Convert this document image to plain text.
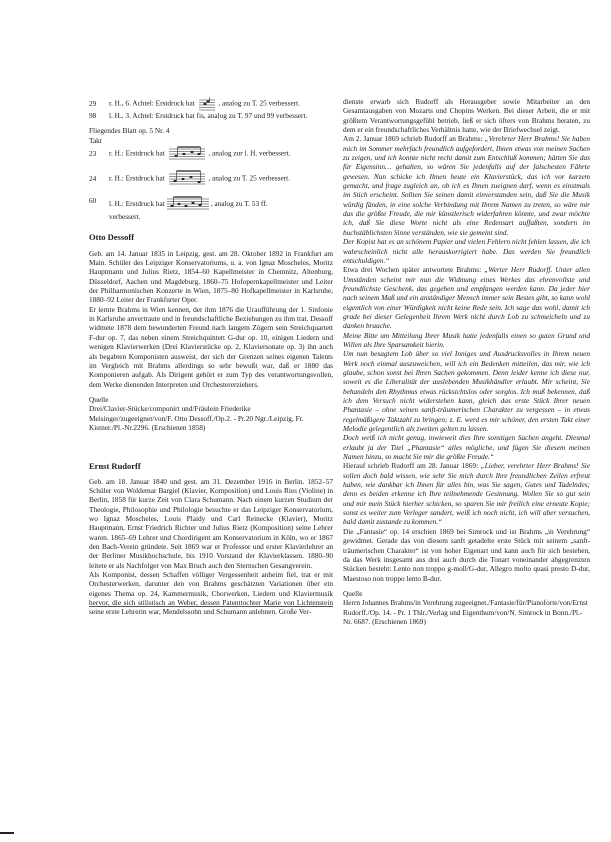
29	r. H., 6. Achtel: Erstdruck hat	, analog zu T. 25 verbessert.
98	l. H., 3. Achtel: Erstdruck hat fis, analog zu T. 97 und 99 verbessert.

Fliegendes Blatt op. 5 Nr. 4

Takt

23	r. H.: Erstdruck hat	, analog zur l. H. verbessert.
24	r. H.: Erstdruck hat	, analog zu T. 25 verbessert.
60	l. H.: Erstdruck hat	, analog zu T. 53 ff.
verbessert.
Otto Dessoff

Geb. am 14. Januar 1835 in Leipzig, gest. am 28. Oktober 1892 in Frankfurt am Main. Schüler des Leipziger Konservatoriums, u. a. von Ignaz Moscheles, Moritz Hauptmann und Julius Rietz, 1854–60 Kapellmeister in Chemnitz, Altenburg, Düsseldorf, Aachen und Magdeburg, 1860–75 Hofopernkapellmeister und Leiter der Philharmonischen Konzerte in Wien, 1875–80 Hofkapellmeister in Karlsruhe, 1880–92 Leiter der Frankfurter Oper.

Er lernte Brahms in Wien kennen, der ihm 1876 die Uraufführung der 1. Sinfonie in Karlsruhe anvertraute und in freundschaftliche Beziehungen zu ihm trat. Dessoff widmete 1878 dem bewunderten Freund nach langem Zögern sein Streichquartett F-dur op. 7, das neben einem Streichquintett G-dur op. 10, einigen Liedern und wenigen Klavierwerken (Drei Klavierstücke op. 2, Klaviersonate op. 3) ihn auch als begabten Komponisten ausweist, der sich der Grenzen seines eigenen Talents im Vergleich mit Brahms allerdings so sehr bewußt war, daß er 1880 das Komponieren aufgab. Als Dirigent gehört er zum Typ des verantwortungsvollen, dem Werke dienenden Interpreten und Orchestererziehers.

Quelle

Drei/Clavier-Stücke/componirt und/Fräulein Friederike Meisinger/zugeeignet/von/F. Otto Dessoff./Op.2. - Pr.20 Ngr./Leipzig, Fr. Kistner./Pl.-Nr.2296. (Erschienen 1858)

Ernst Rudorff

Geb. am 18. Januar 1840 und gest. am 31. Dezember 1916 in Berlin. 1852–57 Schüler von Woldemar Bargiel (Klavier, Komposition) und Louis Ries (Violine) in Berlin, 1858 für kurze Zeit von Clara Schumann. Nach einem kurzen Studium der Theologie, Philosophie und Philologie besuchte er das Leipziger Konservatorium, wo Ignaz Moscheles, Louis Plaidy und Carl Reinecke (Klavier), Moritz Hauptmann, Ernst Friedrich Richter und Julius Rietz (Komposition) seine Lehrer waren. 1865–69 Lehrer und Chordirigent am Konservatorium in Köln, wo er 1867 den Bach-Verein gründete. Seit 1869 war er Professor und erster Klavierlehrer an der Berliner Musikhochschule, bis 1910 Vorstand der Klavierklassen. 1880–90 leitete er als Nachfolger von Max Bruch auch den Sternschen Gesangverein.

Als Komponist, dessen Schaffen völliger Vergessenheit anheim fiel, trat er mit Orchesterwerken, darunter den von Brahms geschätzten Variationen über ein eigenes Thema op. 24, Kammermusik, Chorwerken, Liedern und Klaviermusik hervor, die sich stilistisch an Weber, dessen Patenttochter Marie von Lichtenstein seine erste Lehrerin war, Mendelssohn und Schumann anlehnen. Große Ver-

dienste erwarb sich Rudorff als Herausgeber sowie Mitarbeiter an den Gesamtausgaben von Mozarts und Chopins Werken. Bei dieser Arbeit, die er mit größtem Verantwortungsgefühl betrieb, ließ er sich öfters von Brahms beraten, zu dem er ein freundschaftliches Verhältnis hatte, wie der Briefwechsel zeigt.

Am 2. Januar 1869 schrieb Rudorff an Brahms: „Verehrter Herr Brahms! Sie haben mich im Sommer mehrfach freundlich aufgefordert, Ihnen etwas von meinen Sachen zu zeigen, und ich konnte nicht recht damit zum Entschluß kommen; hätten Sie das für Eigensinn… gehalten, so wären Sie jedenfalls auf der falschesten Fährte gewesen. Nun schicke ich Ihnen heute ein Klavierstück, das ich vor kurzem gemacht, und frage zugleich an, ob ich es Ihnen zueignen darf, wenn es einstmals im Stich erscheint. Sollten Sie seinen damit einverstanden sein, daß Sie die Musik würdig fänden, in eine solche Verbindung mit Ihrem Namen zu treten, so wäre mir das die größte Freude, die mir künstlerisch widerfahren könnte, und zwar möchte ich, daß Sie diese Worte nicht als eine Redensart auffaßten, sondern im buchstäblichsten Sinne verständen, wie sie gemeint sind.

Der Kopist hat es an schönem Papier und vielen Fehlern nicht fehlen lassen, die ich wahrscheinlich nicht alle herauskorrigiert habe. Das werden Sie freundlich entschuldigen.“

Etwa drei Wochen später antwortete Brahms: „Werter Herr Rudorff. Unter allen Umständen scheint mir nun die Widmung eines Werkes das ehrenvollste und freundlichste Geschenk, das gegeben und empfangen werden kann. Da jeder hier nach seinem Maß und ein anständiger Mensch immer sein Bestes gibt, so kann wohl eigentlich von einer Würdigkeit nicht keine Rede sein. Ich sage das wohl, damit ich grade bei dieser Gelegenheit Ihrem Werk nicht durch Lob zu schmeicheln und zu danken brauche.

Meine Bitte um Mitteilung Ihrer Musik hatte jedenfalls einen so guten Grund und Willen als Ihre Sparsamkeit hierin.

Um nun besagtem Lob über so viel Inniges und Ausdrucksvolles in Ihrem neuen Werk noch einmal auszuweichen, will ich ein Bedenken mitteilen, das mir, wie ich glaube, schon sonst bei Ihren Sachen gekommen. Denn leider kenne ich diese nur, soweit es die Liberalität der auslebenden Musikhändler erlaubt. Mir scheint, Sie behandeln den Rhythmus etwas rücksichtslos oder sorglos. Ich muß bekennen, daß ich dem Versuch nicht widerstehen kann, gleich das erste Stück Ihrer neuen Phantasie – ohne seinen sanft-träumerischen Charakter zu vergessen – in etwas regelmäßigere Taktzahl zu bringen; z. E. werd es mir schöner, den ersten Takt einer Melodie gelegentlich als zweiten gelten zu lassen.

Doch weiß ich nicht genug, inwieweit dies Ihre sonstigen Sachen angeht. Diesmal erlaubt ja der Titel „Phantasie“ alles mögliche, und fügen Sie diesem meinen Namen hinzu, so macht Sie mir die größte Freude.“

Hierauf schrieb Rudorff am 28. Januar 1869: „Lieber, verehrter Herr Brahms! Sie sollen doch bald wissen, wie sehr Sie mich durch Ihre freundlichen Zeilen erfreut haben, wie dankbar ich Ihnen für alles bin, was Sie sagen, Gutes und Tadelndes; denn es beiden erkenne ich Ihre teilnehmende Gesinnung. Wollen Sie so gut sein und mir mein Stück hierher schicken, so sparen Sie mir freilich eine erneute Kopie; sonst es weiter zum Verleger sandert, weiß ich noch nicht, ich will aber versuchen, bald damit zustande zu kommen.“

Die „Fantasie“ op. 14 erschien 1869 bei Simrock und ist Brahms „in Verehrung“ gewidmet. Gerade das von diesem sanft getadelte erste Stück mit seinem „sanft-träumerischen Charakter“ ist von hoher Eigenart und kann auch für sich bestehen, da das Werk insgesamt aus drei auch durch die Tonart voneinander abgegrenzten Stücken besteht: Lento non troppo g-moll/G-dur, Allegro molto quasi presto D-dur, Maestoso non troppo lento B-dur.

Quelle

Herrn Johannes Brahms/in Verehrung zugeeignet./Fantasie/für/Pianoforte/von/Ernst Rudorff./Op. 14. - Pr. 1 Thlr./Verlag und Eigenthum/von/N. Simrock in Bonn./Pl.-Nr. 6687. (Erschienen 1869)
